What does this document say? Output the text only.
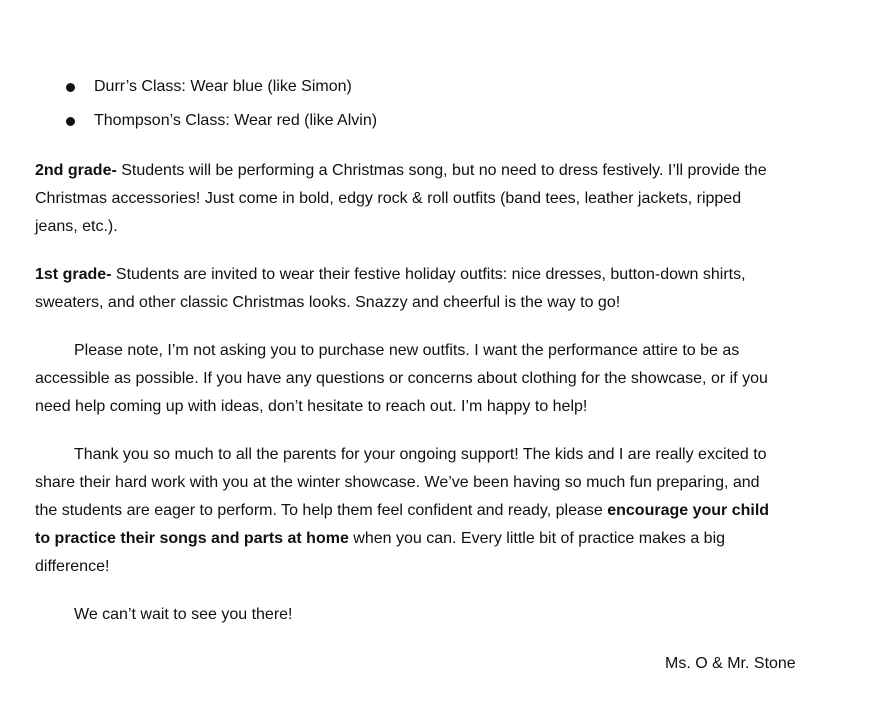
Durr’s Class: Wear blue (like Simon)
Thompson’s Class: Wear red (like Alvin)

2nd grade- Students will be performing a Christmas song, but no need to dress festively. I’ll provide the
Christmas accessories! Just come in bold, edgy rock & roll outfits (band tees, leather jackets, ripped
jeans, etc.).

1st grade- Students are invited to wear their festive holiday outfits: nice dresses, button-down shirts,
sweaters, and other classic Christmas looks. Snazzy and cheerful is the way to go!

Please note, I’m not asking you to purchase new outfits. I want the performance attire to be as
accessible as possible. If you have any questions or concerns about clothing for the showcase, or if you
need help coming up with ideas, don’t hesitate to reach out. I’m happy to help!

Thank you so much to all the parents for your ongoing support! The kids and I are really excited to
share their hard work with you at the winter showcase. We’ve been having so much fun preparing, and
the students are eager to perform. To help them feel confident and ready, please encourage your child
to practice their songs and parts at home when you can. Every little bit of practice makes a big
difference!

We can’t wait to see you there!

Ms. O & Mr. Stone
